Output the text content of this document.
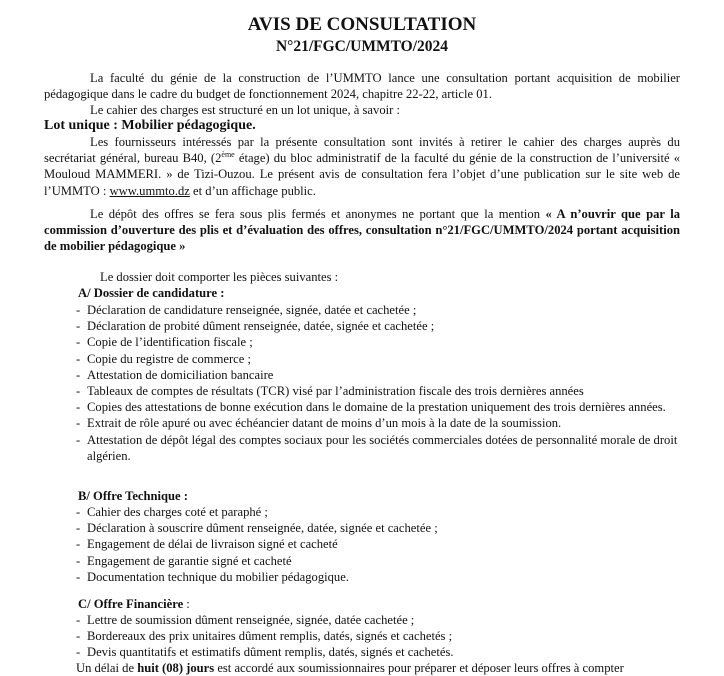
AVIS DE CONSULTATION
N°21/FGC/UMMTO/2024

La faculté du génie de la construction de l’UMMTO lance une consultation portant acquisition de mobilier pédagogique dans le cadre du budget de fonctionnement 2024, chapitre 22-22, article 01.

Le cahier des charges est structuré en un lot unique, à savoir :

Lot unique : Mobilier pédagogique.

Les fournisseurs intéressés par la présente consultation sont invités à retirer le cahier des charges auprès du secrétariat général, bureau B40, (2ème étage) du bloc administratif de la faculté du génie de la construction de l’université « Mouloud MAMMERI. » de Tizi-Ouzou. Le présent avis de consultation fera l’objet d’une publication sur le site web de l’UMMTO : www.ummto.dz et d’un affichage public.

Le dépôt des offres se fera sous plis fermés et anonymes ne portant que la mention « A n’ouvrir que par la commission d’ouverture des plis et d’évaluation des offres, consultation n°21/FGC/UMMTO/2024 portant acquisition de mobilier pédagogique »

Le dossier doit comporter les pièces suivantes :

A/ Dossier de candidature :

- Déclaration de candidature renseignée, signée, datée et cachetée ;
- Déclaration de probité dûment renseignée, datée, signée et cachetée ;
- Copie de l’identification fiscale ;
- Copie du registre de commerce ;
- Attestation de domiciliation bancaire
- Tableaux de comptes de résultats (TCR) visé par l’administration fiscale des trois dernières années
- Copies des attestations de bonne exécution dans le domaine de la prestation uniquement des trois dernières années.
- Extrait de rôle apuré ou avec échéancier datant de moins d’un mois à la date de la soumission.
- Attestation de dépôt légal des comptes sociaux pour les sociétés commerciales dotées de personnalité morale de droit algérien.

B/ Offre Technique :

- Cahier des charges coté et paraphé ;
- Déclaration à souscrire dûment renseignée, datée, signée et cachetée ;
- Engagement de délai de livraison signé et cacheté
- Engagement de garantie signé et cacheté
- Documentation technique du mobilier pédagogique.

C/ Offre Financière :

- Lettre de soumission dûment renseignée, signée, datée cachetée ;
- Bordereaux des prix unitaires dûment remplis, datés, signés et cachetés ;
- Devis quantitatifs et estimatifs dûment remplis, datés, signés et cachetés.

Un délai de huit (08) jours est accordé aux soumissionnaires pour préparer et déposer leurs offres à compter
